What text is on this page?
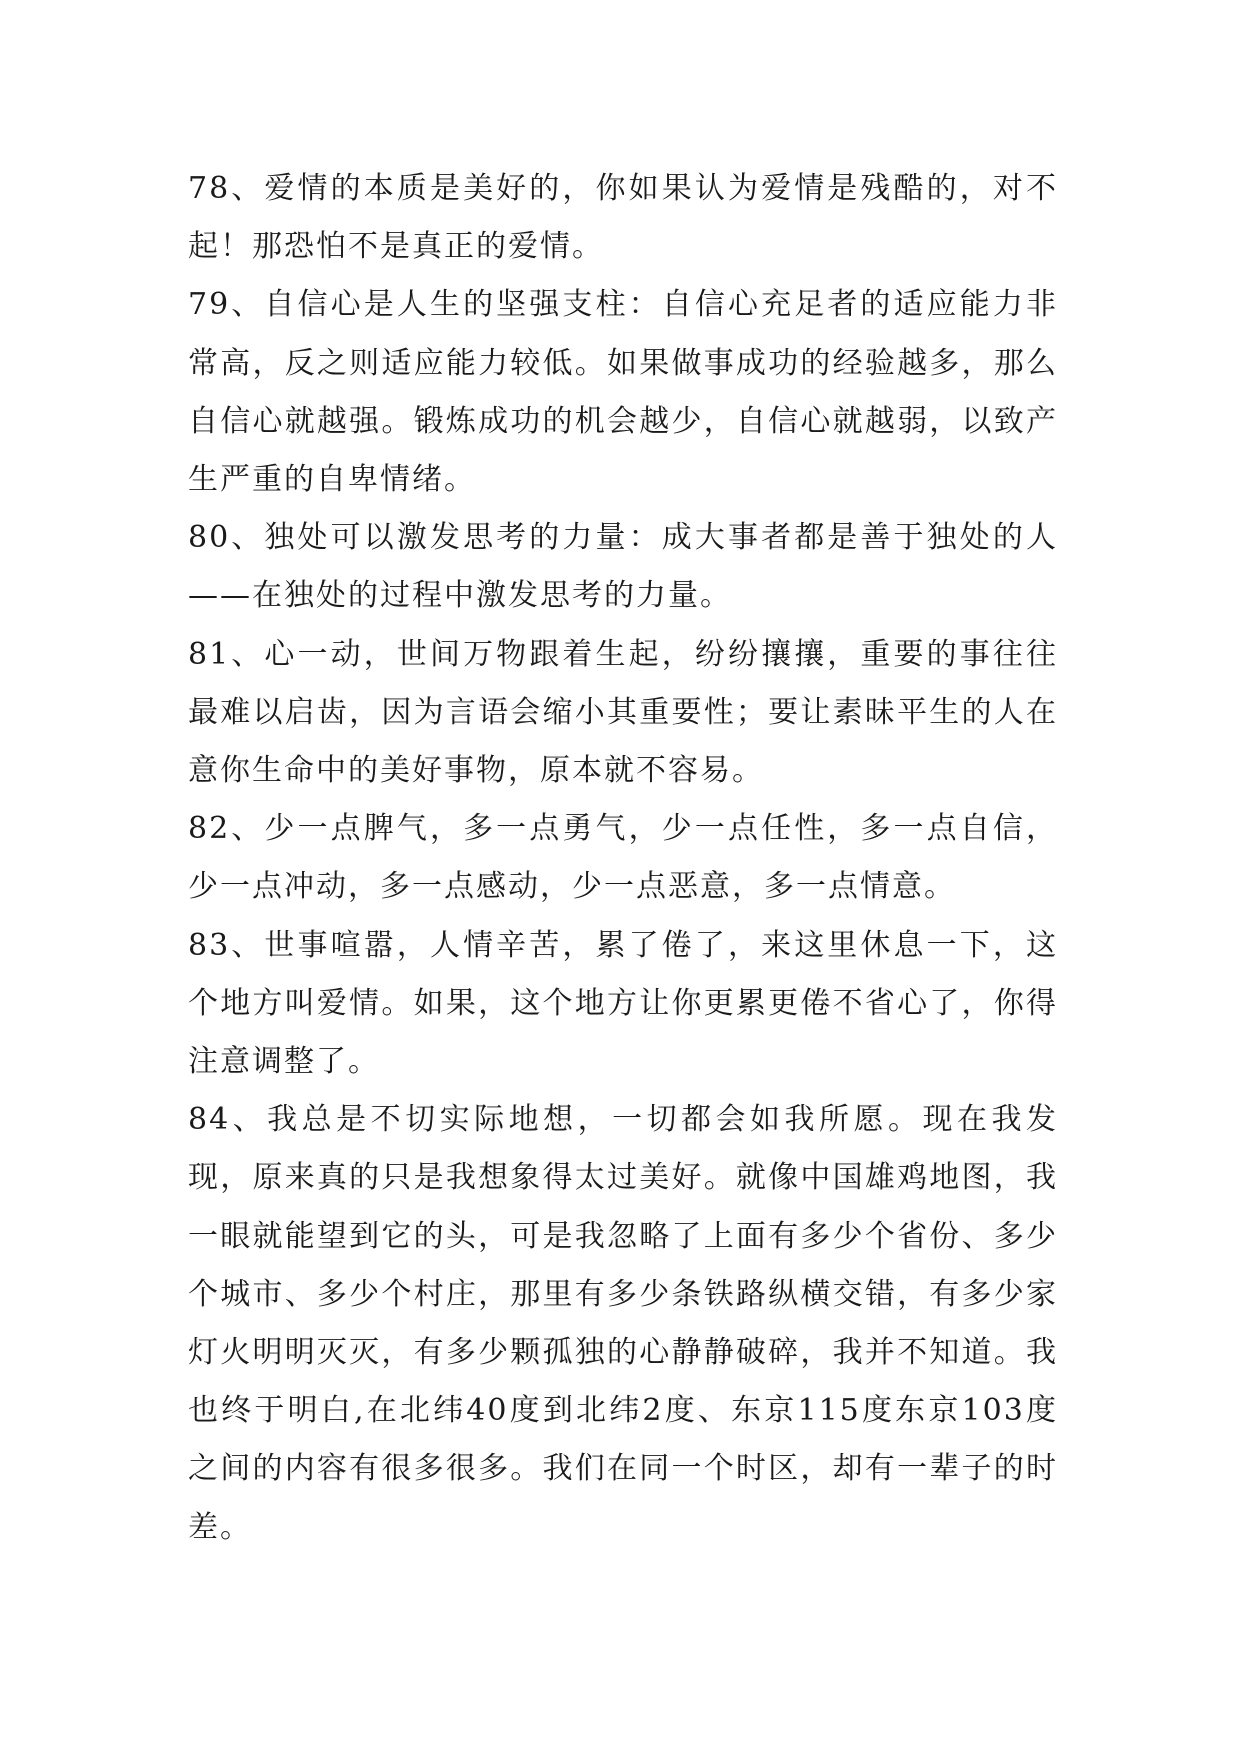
78、爱情的本质是美好的，你如果认为爱情是残酷的，对不起！那恐怕不是真正的爱情。

79、自信心是人生的坚强支柱：自信心充足者的适应能力非常高，反之则适应能力较低。如果做事成功的经验越多，那么自信心就越强。锻炼成功的机会越少，自信心就越弱，以致产生严重的自卑情绪。

80、独处可以激发思考的力量：成大事者都是善于独处的人——在独处的过程中激发思考的力量。

81、心一动，世间万物跟着生起，纷纷攘攘，重要的事往往最难以启齿，因为言语会缩小其重要性；要让素昧平生的人在意你生命中的美好事物，原本就不容易。

82、少一点脾气，多一点勇气，少一点任性，多一点自信，少一点冲动，多一点感动，少一点恶意，多一点情意。

83、世事喧嚣，人情辛苦，累了倦了，来这里休息一下，这个地方叫爱情。如果，这个地方让你更累更倦不省心了，你得注意调整了。

84、我总是不切实际地想，一切都会如我所愿。现在我发现，原来真的只是我想象得太过美好。就像中国雄鸡地图，我一眼就能望到它的头，可是我忽略了上面有多少个省份、多少个城市、多少个村庄，那里有多少条铁路纵横交错，有多少家灯火明明灭灭，有多少颗孤独的心静静破碎，我并不知道。我也终于明白,在北纬40度到北纬2度、东京115度东京103度之间的内容有很多很多。我们在同一个时区，却有一辈子的时差。
